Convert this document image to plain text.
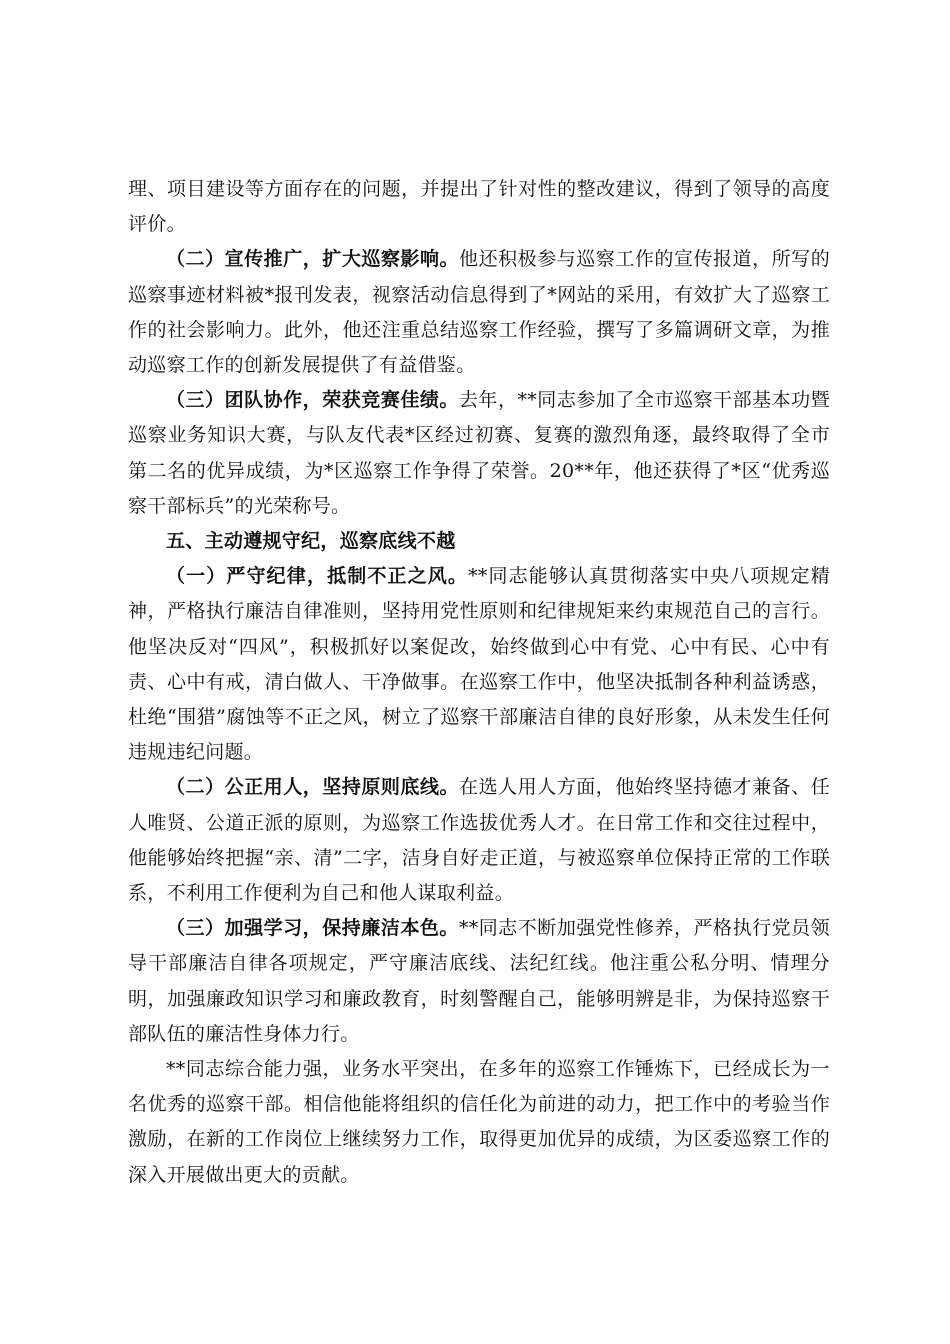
理、项目建设等方面存在的问题，并提出了针对性的整改建议，得到了领导的高度评价。

（二）宣传推广，扩大巡察影响。他还积极参与巡察工作的宣传报道，所写的巡察事迹材料被*报刊发表，视察活动信息得到了*网站的采用，有效扩大了巡察工作的社会影响力。此外，他还注重总结巡察工作经验，撰写了多篇调研文章，为推动巡察工作的创新发展提供了有益借鉴。

（三）团队协作，荣获竞赛佳绩。去年，**同志参加了全市巡察干部基本功暨巡察业务知识大赛，与队友代表*区经过初赛、复赛的激烈角逐，最终取得了全市第二名的优异成绩，为*区巡察工作争得了荣誉。20**年，他还获得了*区“优秀巡察干部标兵”的光荣称号。

五、主动遵规守纪，巡察底线不越

（一）严守纪律，抵制不正之风。**同志能够认真贯彻落实中央八项规定精神，严格执行廉洁自律准则，坚持用党性原则和纪律规矩来约束规范自己的言行。他坚决反对“四风”，积极抓好以案促改，始终做到心中有党、心中有民、心中有责、心中有戒，清白做人、干净做事。在巡察工作中，他坚决抵制各种利益诱惑，杜绝“围猎”腐蚀等不正之风，树立了巡察干部廉洁自律的良好形象，从未发生任何违规违纪问题。

（二）公正用人，坚持原则底线。在选人用人方面，他始终坚持德才兼备、任人唯贤、公道正派的原则，为巡察工作选拔优秀人才。在日常工作和交往过程中，他能够始终把握“亲、清”二字，洁身自好走正道，与被巡察单位保持正常的工作联系，不利用工作便利为自己和他人谋取利益。

（三）加强学习，保持廉洁本色。**同志不断加强党性修养，严格执行党员领导干部廉洁自律各项规定，严守廉洁底线、法纪红线。他注重公私分明、情理分明，加强廉政知识学习和廉政教育，时刻警醒自己，能够明辨是非，为保持巡察干部队伍的廉洁性身体力行。

**同志综合能力强，业务水平突出，在多年的巡察工作锤炼下，已经成长为一名优秀的巡察干部。相信他能将组织的信任化为前进的动力，把工作中的考验当作激励，在新的工作岗位上继续努力工作，取得更加优异的成绩，为区委巡察工作的深入开展做出更大的贡献。
